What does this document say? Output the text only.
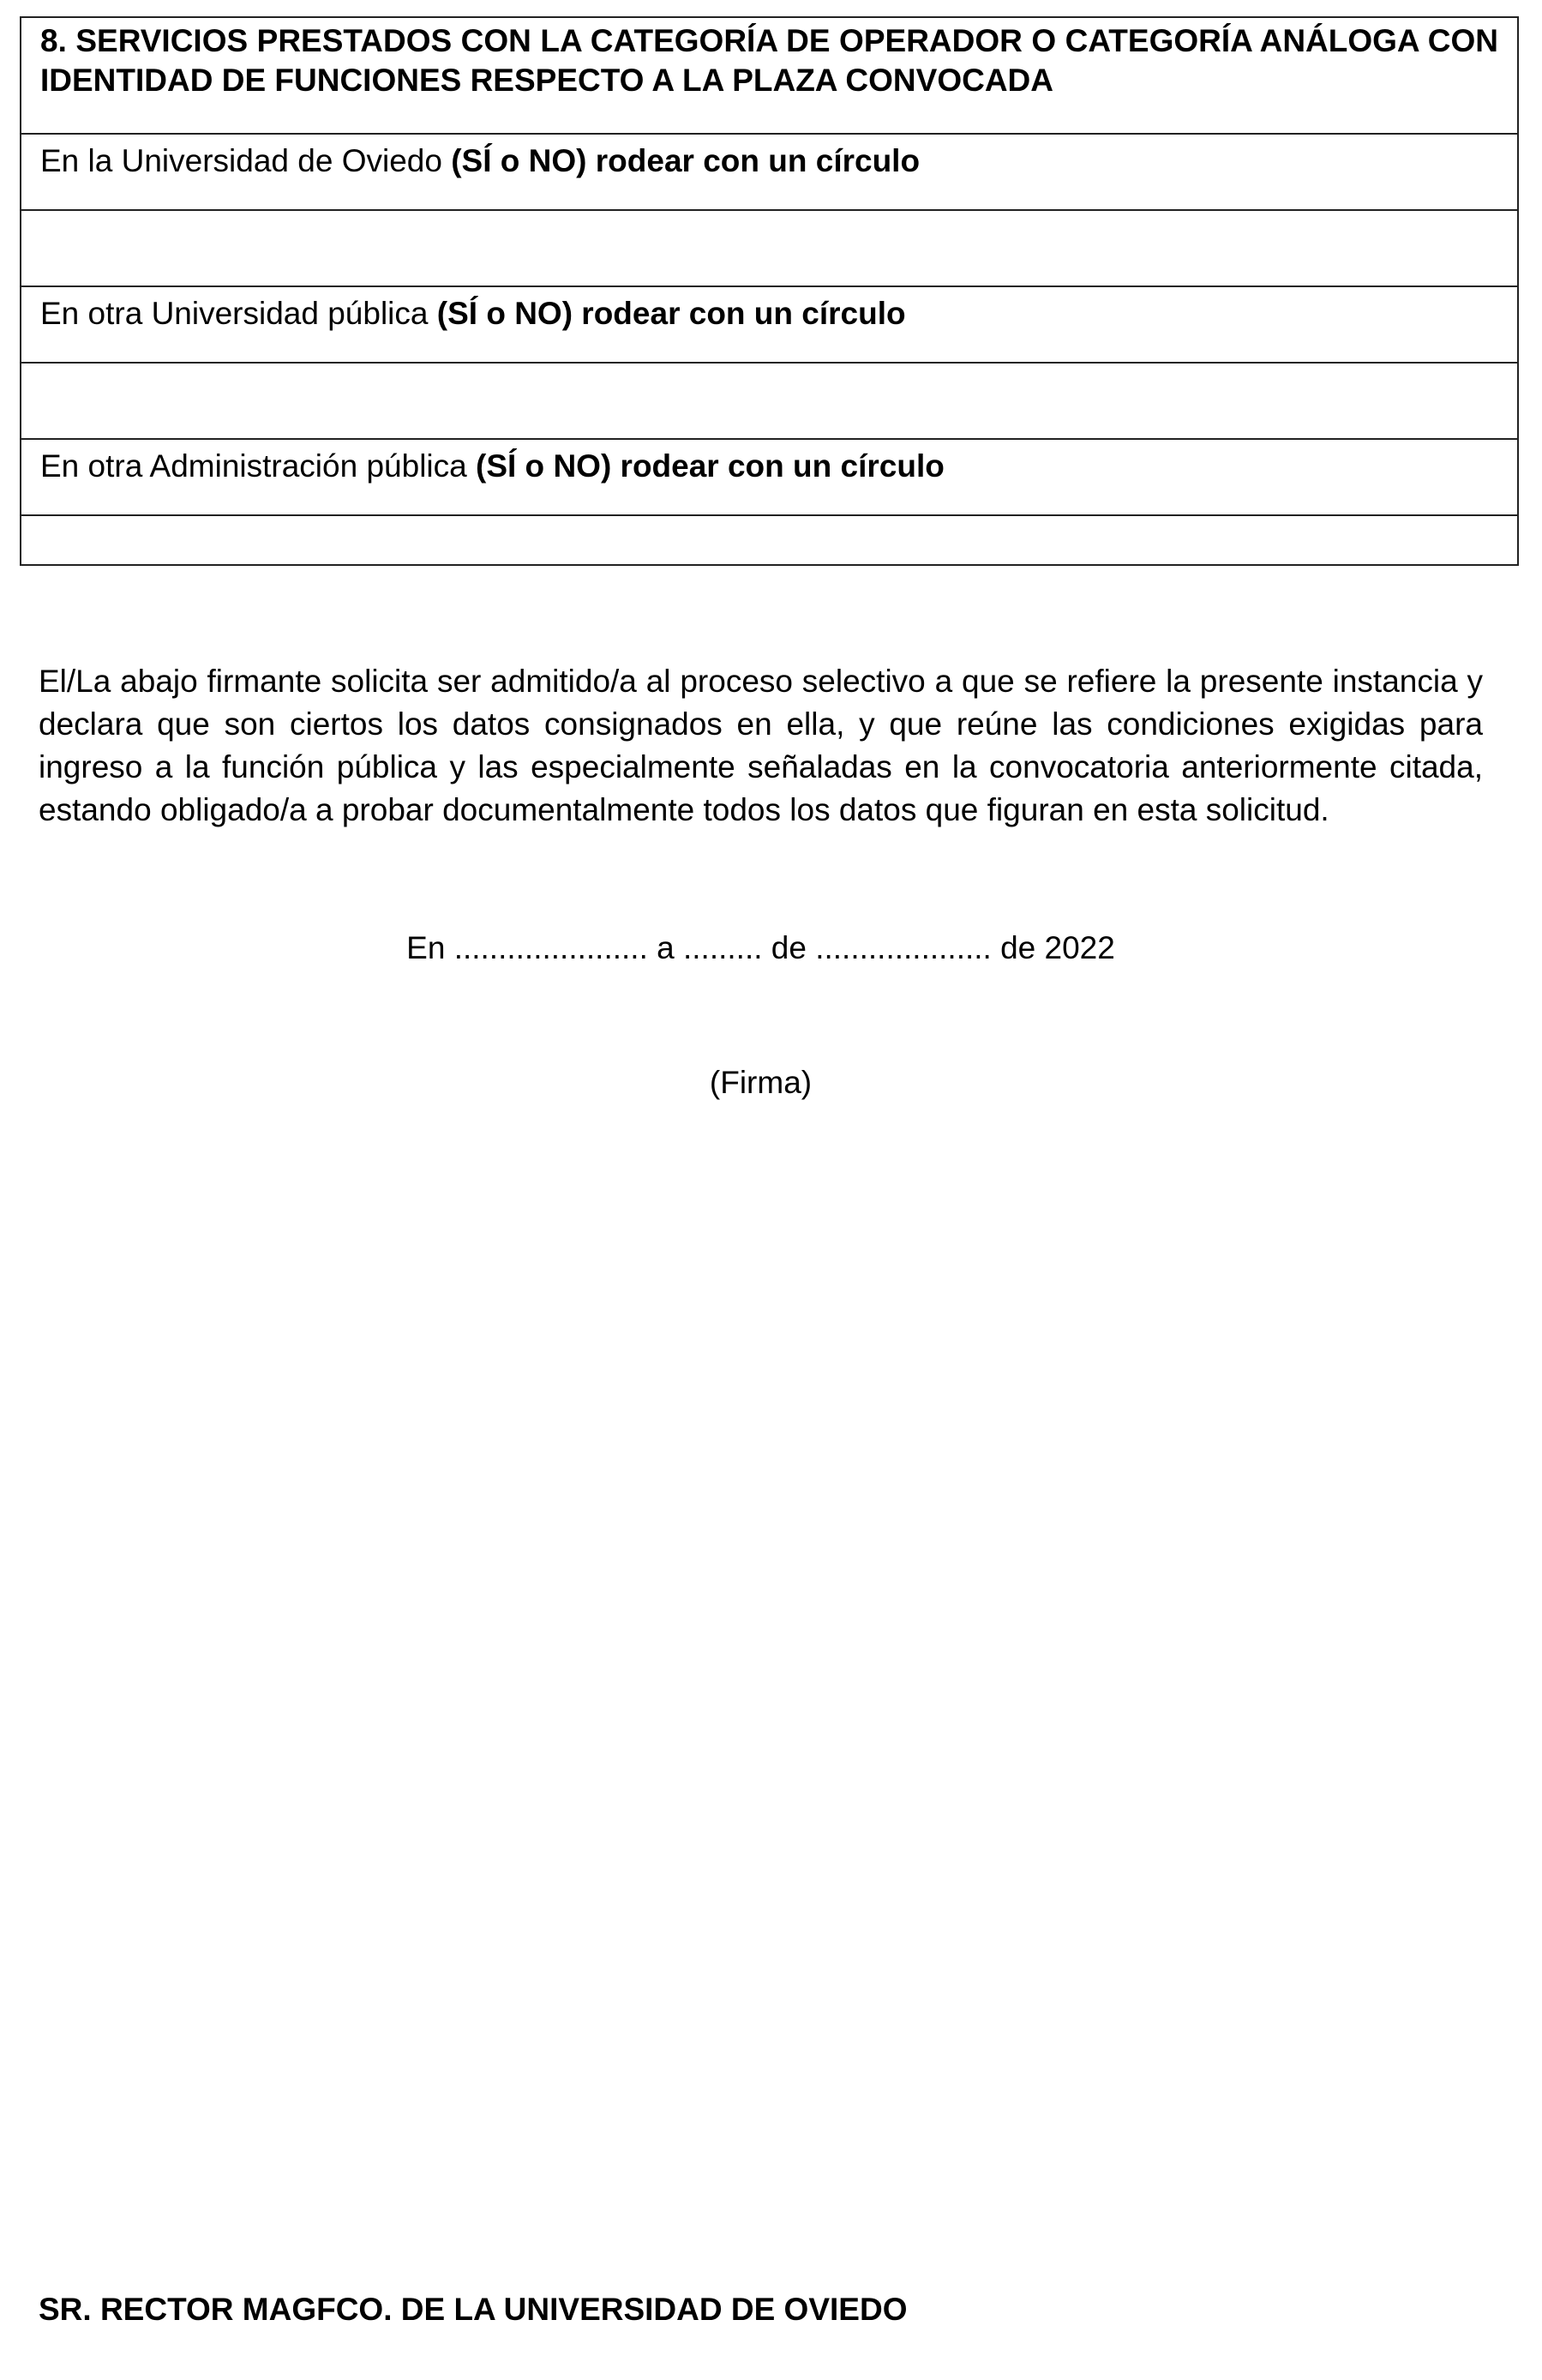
8. SERVICIOS PRESTADOS CON LA CATEGORÍA DE OPERADOR O CATEGORÍA ANÁLOGA CON IDENTIDAD DE FUNCIONES RESPECTO A LA PLAZA CONVOCADA

En la Universidad de Oviedo (SÍ o NO) rodear con un círculo

En otra Universidad pública (SÍ o NO) rodear con un círculo

En otra Administración pública (SÍ o NO) rodear con un círculo

El/La abajo firmante solicita ser admitido/a al proceso selectivo a que se refiere la presente instancia y declara que son ciertos los datos consignados en ella, y que reúne las condiciones exigidas para ingreso a la función pública y las especialmente señaladas en la convocatoria anteriormente citada, estando obligado/a a probar documentalmente todos los datos que figuran en esta solicitud.

En ...................... a ......... de .................... de 2022
(Firma)
SR. RECTOR MAGFCO. DE LA UNIVERSIDAD DE OVIEDO
